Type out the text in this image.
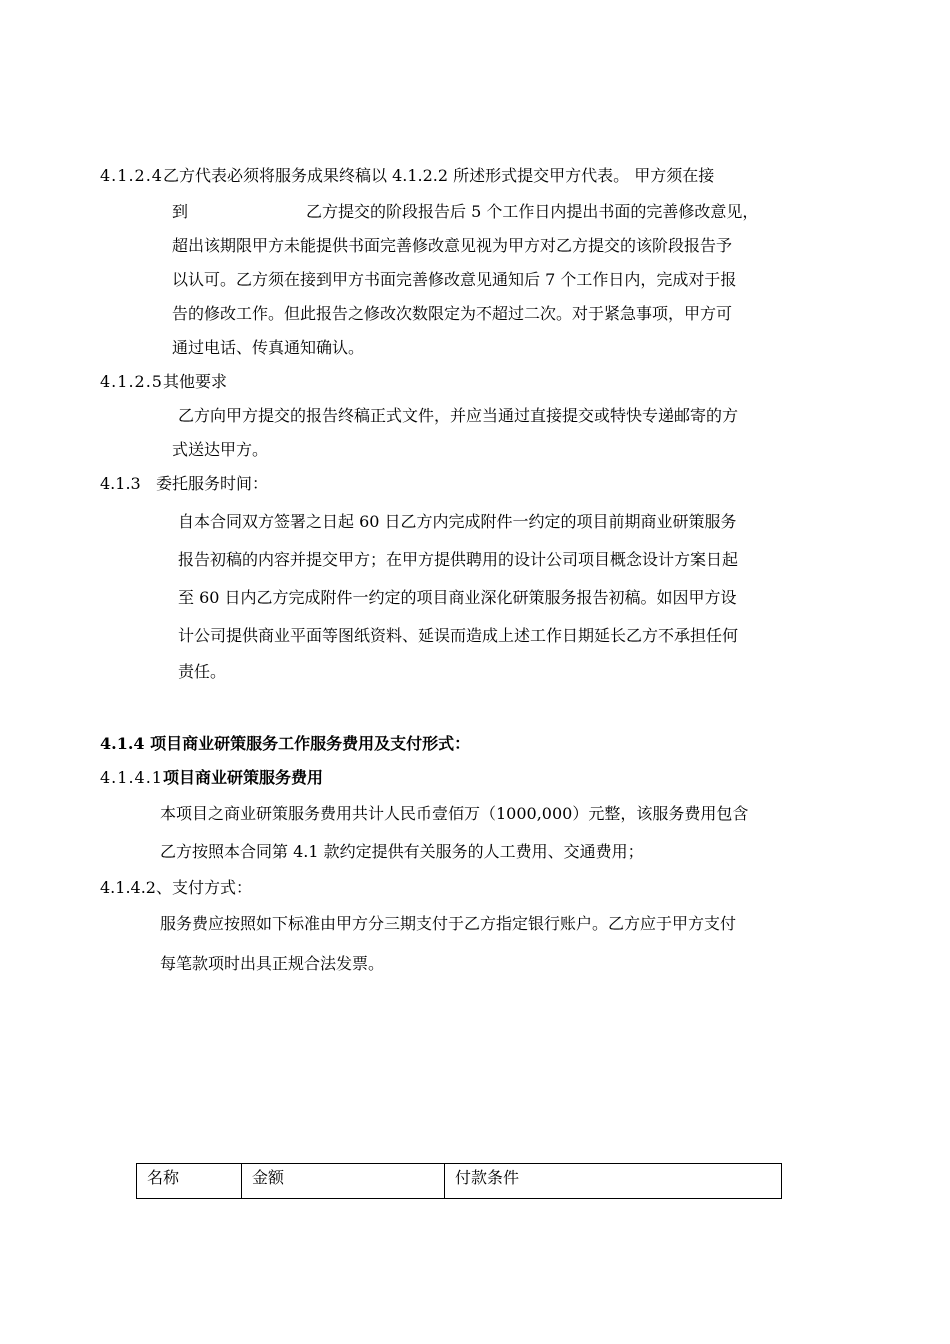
4.1.2.4乙方代表必须将服务成果终稿以 4.1.2.2 所述形式提交甲方代表。 甲方须在接
到	乙方提交的阶段报告后 5 个工作日内提出书面的完善修改意见，
超出该期限甲方未能提供书面完善修改意见视为甲方对乙方提交的该阶段报告予
以认可。乙方须在接到甲方书面完善修改意见通知后 7 个工作日内，完成对于报
告的修改工作。但此报告之修改次数限定为不超过二次。对于紧急事项，甲方可
通过电话、传真通知确认。
4.1.2.5其他要求
乙方向甲方提交的报告终稿正式文件，并应当通过直接提交或特快专递邮寄的方
式送达甲方。
4.1.3   委托服务时间：
自本合同双方签署之日起 60 日乙方内完成附件一约定的项目前期商业研策服务
报告初稿的内容并提交甲方；在甲方提供聘用的设计公司项目概念设计方案日起
至 60 日内乙方完成附件一约定的项目商业深化研策服务报告初稿。如因甲方设
计公司提供商业平面等图纸资料、延误而造成上述工作日期延长乙方不承担任何
责任。
4.1.4 项目商业研策服务工作服务费用及支付形式：
4.1.4.1项目商业研策服务费用
本项目之商业研策服务费用共计人民币壹佰万（1000,000）元整，该服务费用包含
乙方按照本合同第 4.1 款约定提供有关服务的人工费用、交通费用；
4.1.4.2、支付方式：
服务费应按照如下标准由甲方分三期支付于乙方指定银行账户。乙方应于甲方支付
每笔款项时出具正规合法发票。
名称	金额	付款条件
